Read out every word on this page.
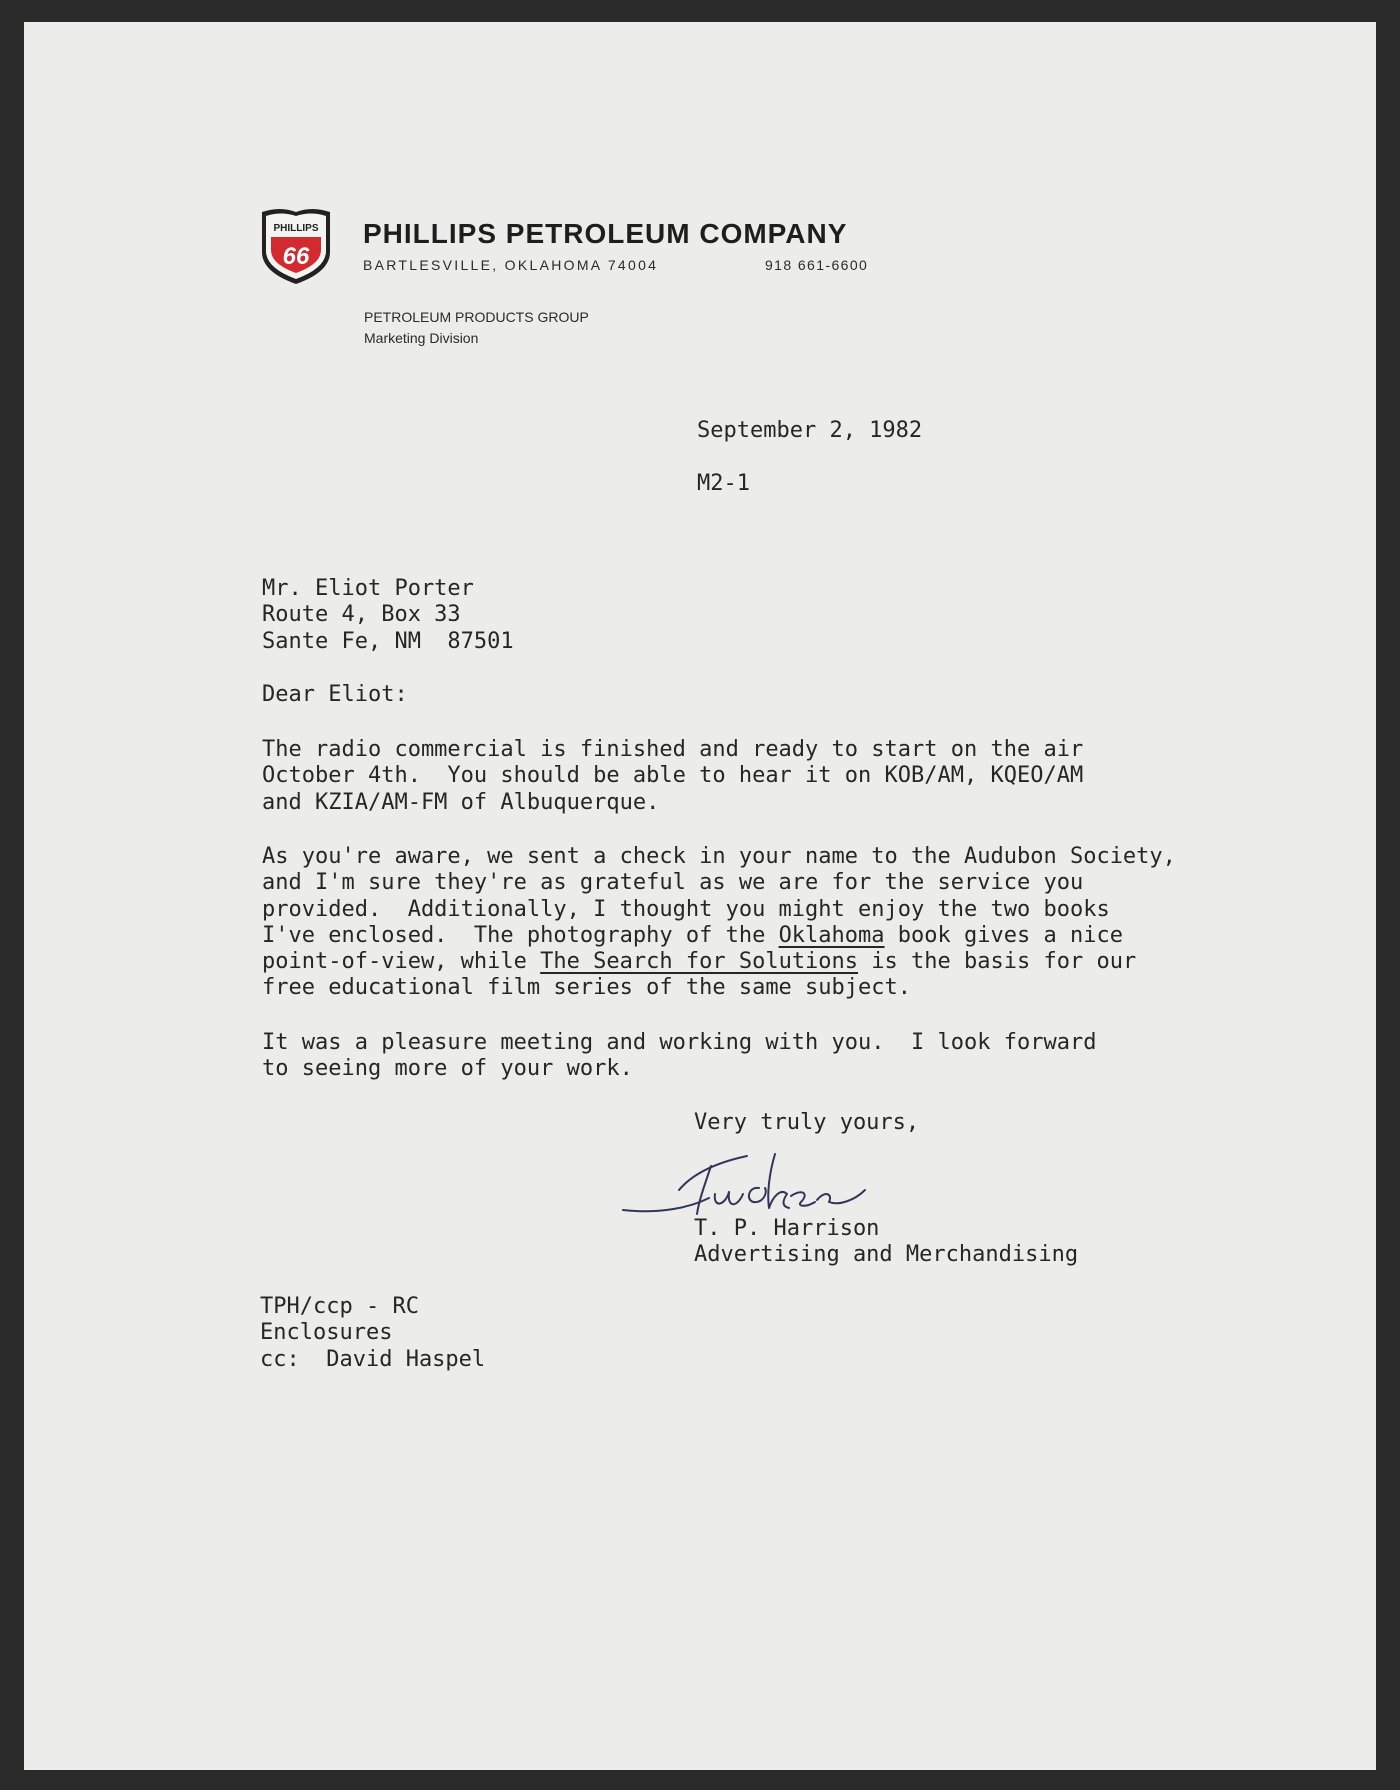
PHILLIPS
66
PHILLIPS PETROLEUM COMPANY
BARTLESVILLE, OKLAHOMA 74004	918 661-6600
PETROLEUM PRODUCTS GROUP
Marketing Division
September 2, 1982
M2-1
Mr. Eliot Porter
Route 4, Box 33
Sante Fe, NM  87501
Dear Eliot:
The radio commercial is finished and ready to start on the air
October 4th.  You should be able to hear it on KOB/AM, KQEO/AM
and KZIA/AM-FM of Albuquerque.
As you're aware, we sent a check in your name to the Audubon Society,
and I'm sure they're as grateful as we are for the service you
provided.  Additionally, I thought you might enjoy the two books
I've enclosed.  The photography of the Oklahoma book gives a nice
point-of-view, while The Search for Solutions is the basis for our
free educational film series of the same subject.
It was a pleasure meeting and working with you.  I look forward
to seeing more of your work.
Very truly yours,
T. P. Harrison
Advertising and Merchandising
TPH/ccp - RC
Enclosures
cc:  David Haspel
